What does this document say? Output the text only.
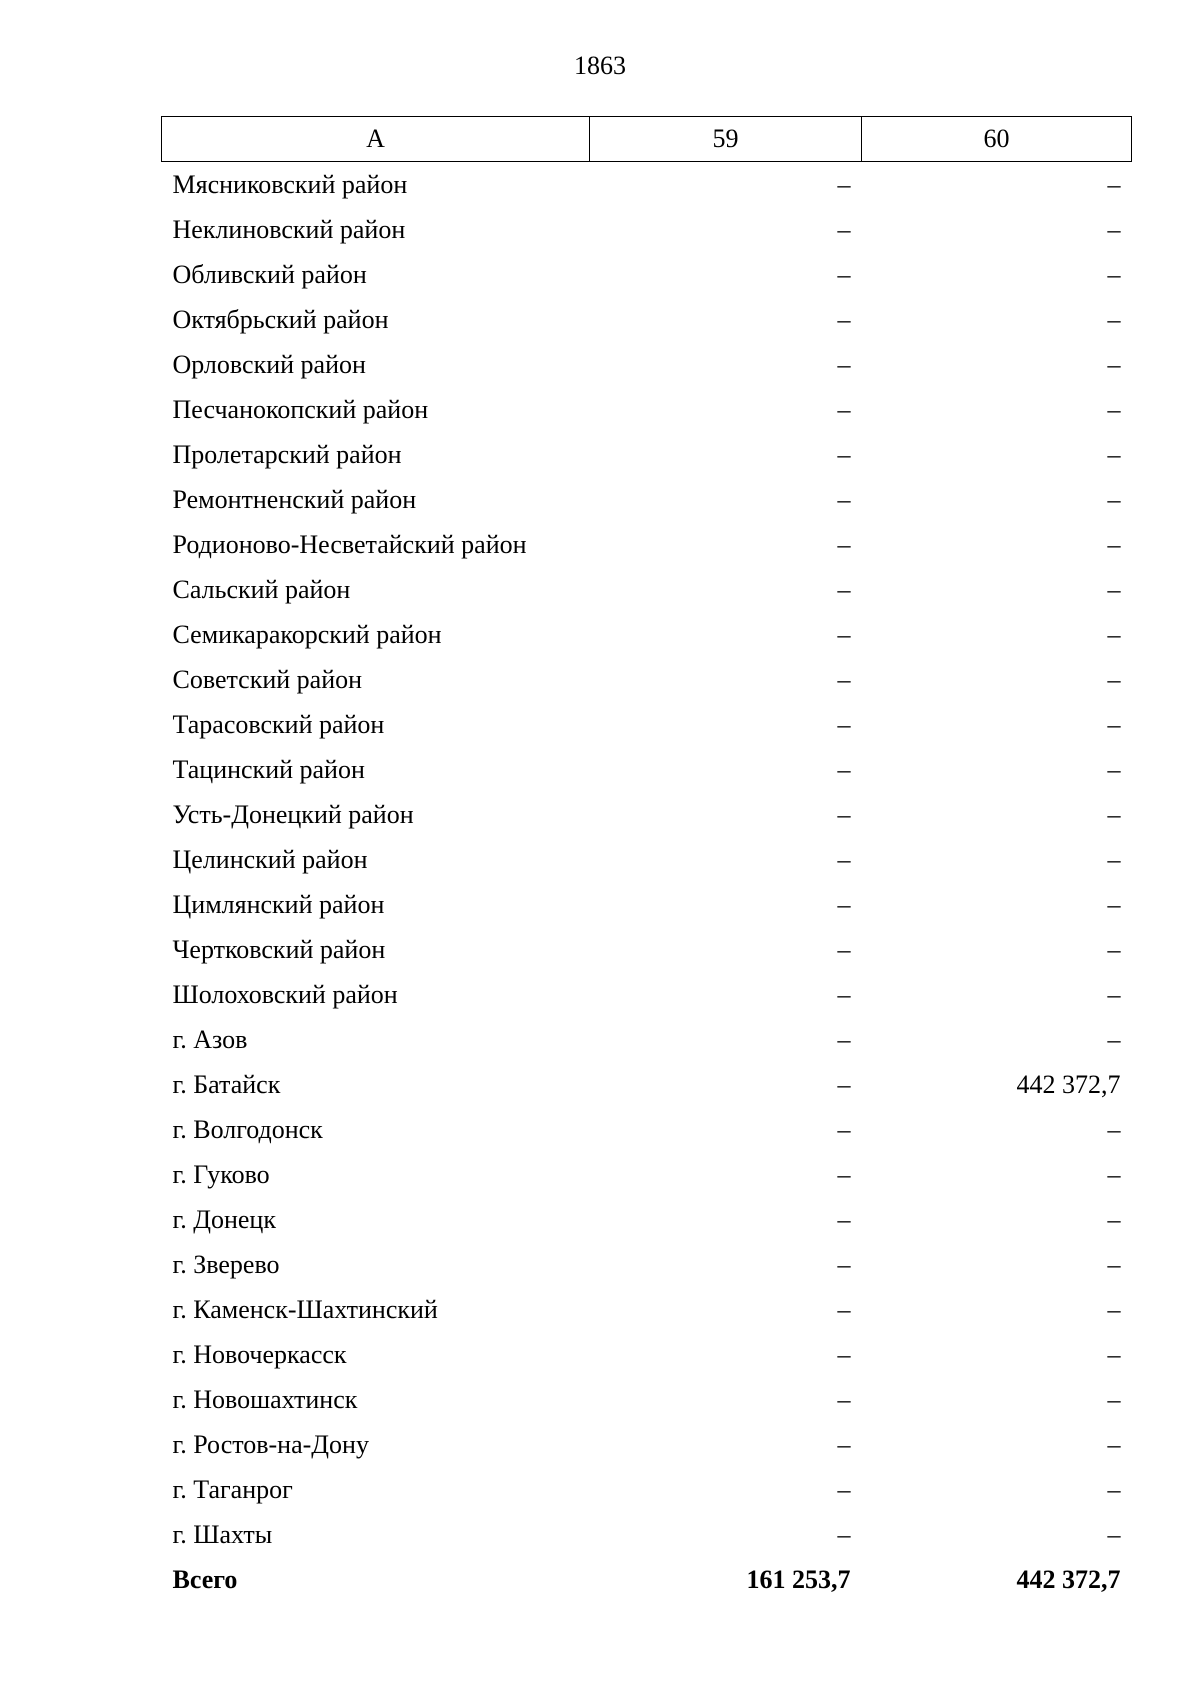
1863
А	59	60
Мясниковский район	–	–
Неклиновский район	–	–
Обливский район	–	–
Октябрьский район	–	–
Орловский район	–	–
Песчанокопский район	–	–
Пролетарский район	–	–
Ремонтненский район	–	–
Родионово-Несветайский район	–	–
Сальский район	–	–
Семикаракорский район	–	–
Советский район	–	–
Тарасовский район	–	–
Тацинский район	–	–
Усть-Донецкий район	–	–
Целинский район	–	–
Цимлянский район	–	–
Чертковский район	–	–
Шолоховский район	–	–
г. Азов	–	–
г. Батайск	–	442 372,7
г. Волгодонск	–	–
г. Гуково	–	–
г. Донецк	–	–
г. Зверево	–	–
г. Каменск-Шахтинский	–	–
г. Новочеркасск	–	–
г. Новошахтинск	–	–
г. Ростов-на-Дону	–	–
г. Таганрог	–	–
г. Шахты	–	–
Всего	161 253,7	442 372,7
